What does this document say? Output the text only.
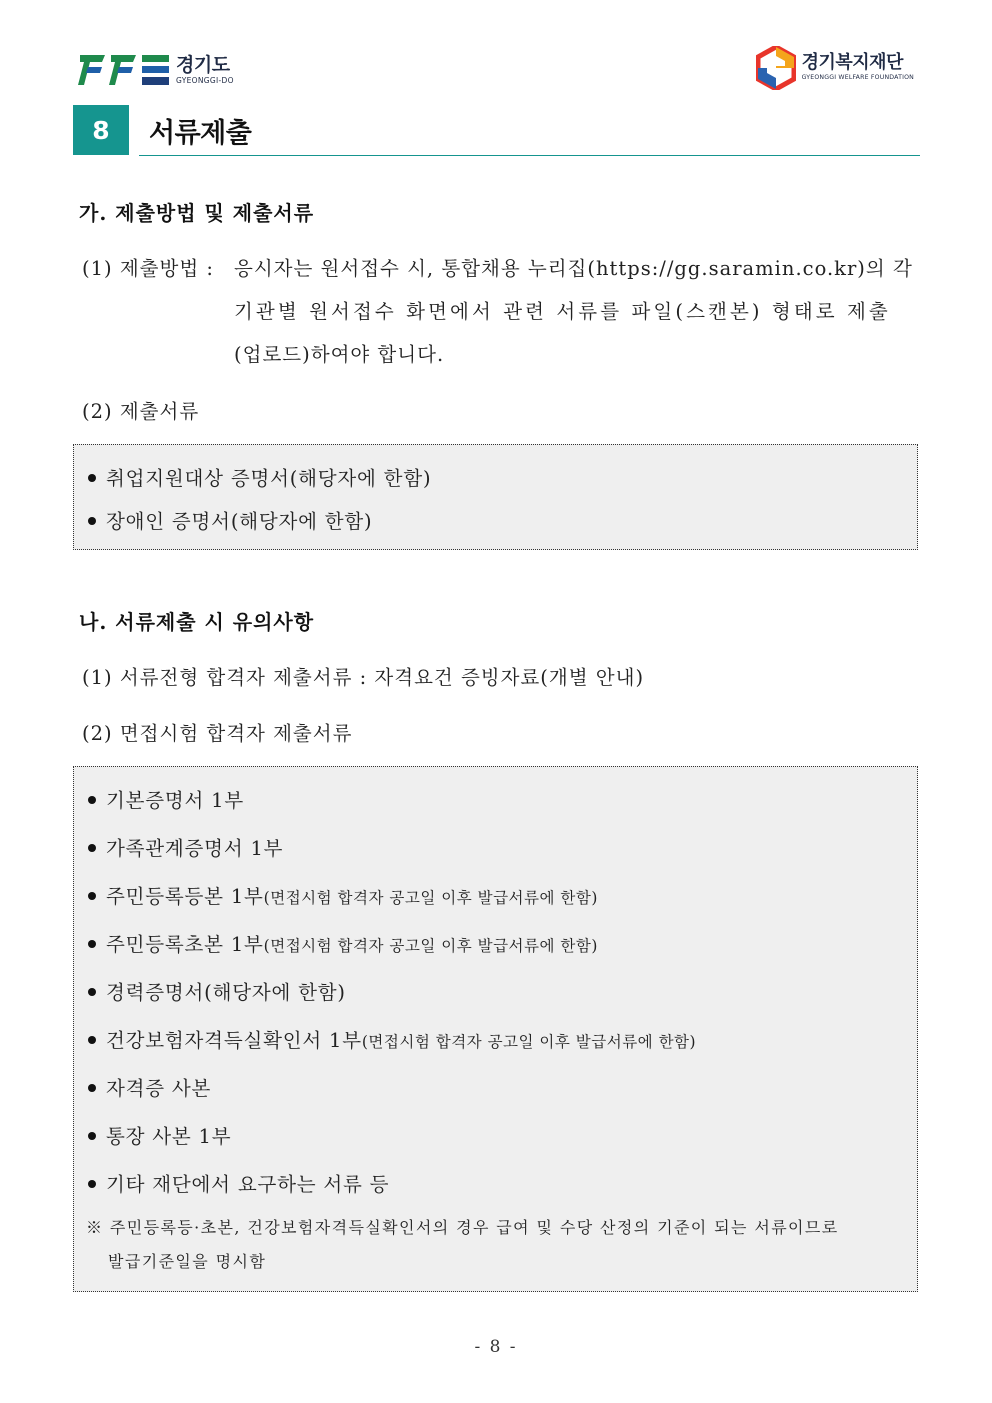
경기도
GYEONGGI-DO
경기복지재단
GYEONGGI WELFARE FOUNDATION
8	서류제출
가. 제출방법 및 제출서류
(1) 제출방법 : 응시자는 원서접수 시, 통합채용 누리집(https://gg.saramin.co.kr)의 각
기관별 원서접수 화면에서 관련 서류를 파일(스캔본) 형태로 제출
(업로드)하여야 합니다.
(2) 제출서류
취업지원대상 증명서(해당자에 한함)
장애인 증명서(해당자에 한함)
나. 서류제출 시 유의사항
(1) 서류전형 합격자 제출서류 : 자격요건 증빙자료(개별 안내)
(2) 면접시험 합격자 제출서류
기본증명서 1부
가족관계증명서 1부
주민등록등본 1부(면접시험 합격자 공고일 이후 발급서류에 한함)
주민등록초본 1부(면접시험 합격자 공고일 이후 발급서류에 한함)
경력증명서(해당자에 한함)
건강보험자격득실확인서 1부(면접시험 합격자 공고일 이후 발급서류에 한함)
자격증 사본
통장 사본 1부
기타 재단에서 요구하는 서류 등
※ 주민등록등·초본, 건강보험자격득실확인서의 경우 급여 및 수당 산정의 기준이 되는 서류이므로
발급기준일을 명시함
- 8 -
